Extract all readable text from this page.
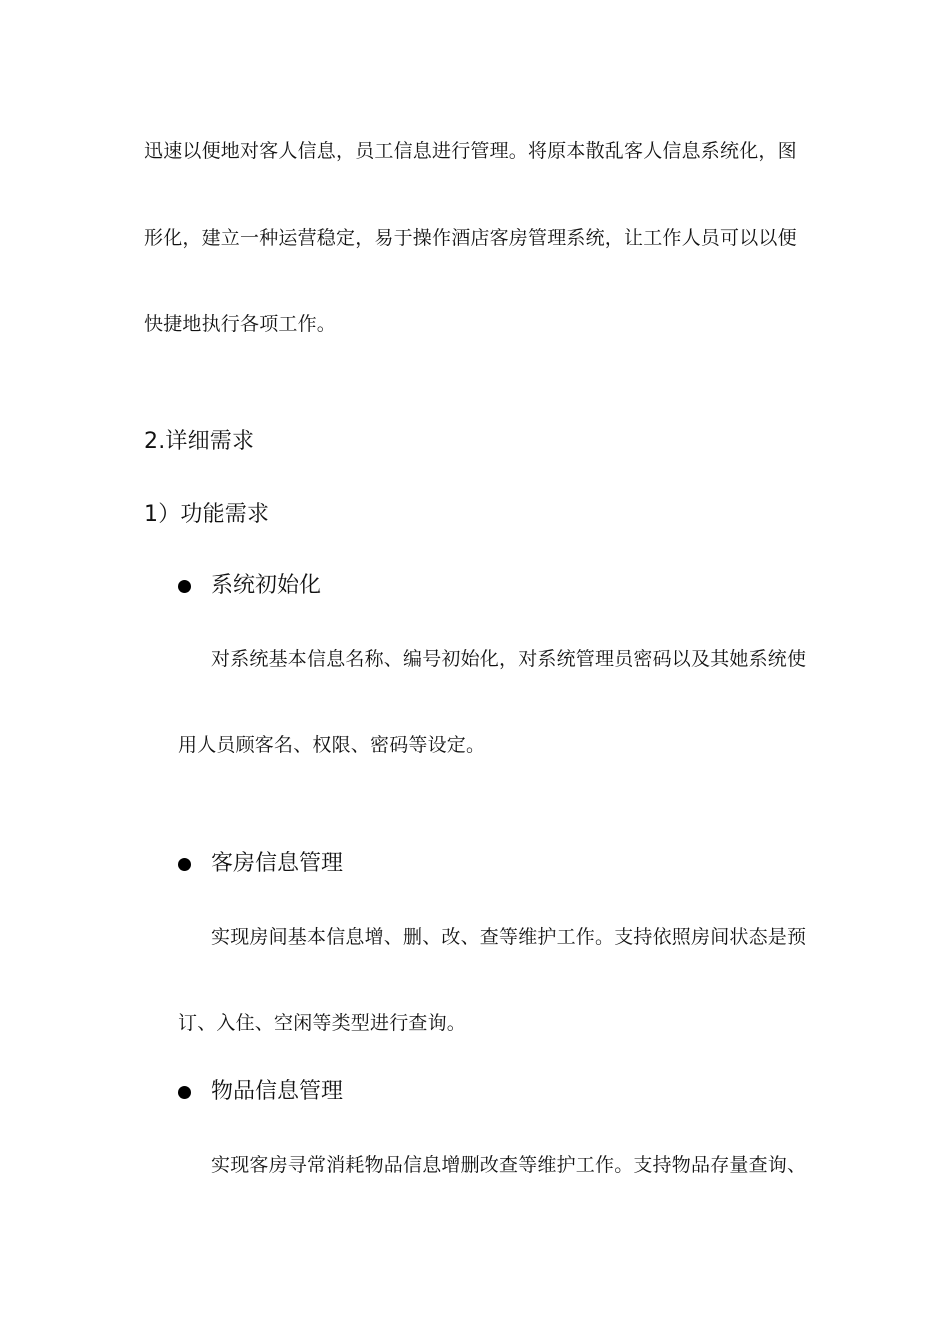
迅速以便地对客人信息，员工信息进行管理。将原本散乱客人信息系统化，图
形化，建立一种运营稳定，易于操作酒店客房管理系统，让工作人员可以以便
快捷地执行各项工作。
2.详细需求
1）功能需求
系统初始化
对系统基本信息名称、编号初始化，对系统管理员密码以及其她系统使
用人员顾客名、权限、密码等设定。
客房信息管理
实现房间基本信息增、删、改、查等维护工作。支持依照房间状态是预
订、入住、空闲等类型进行查询。
物品信息管理
实现客房寻常消耗物品信息增删改查等维护工作。支持物品存量查询、
